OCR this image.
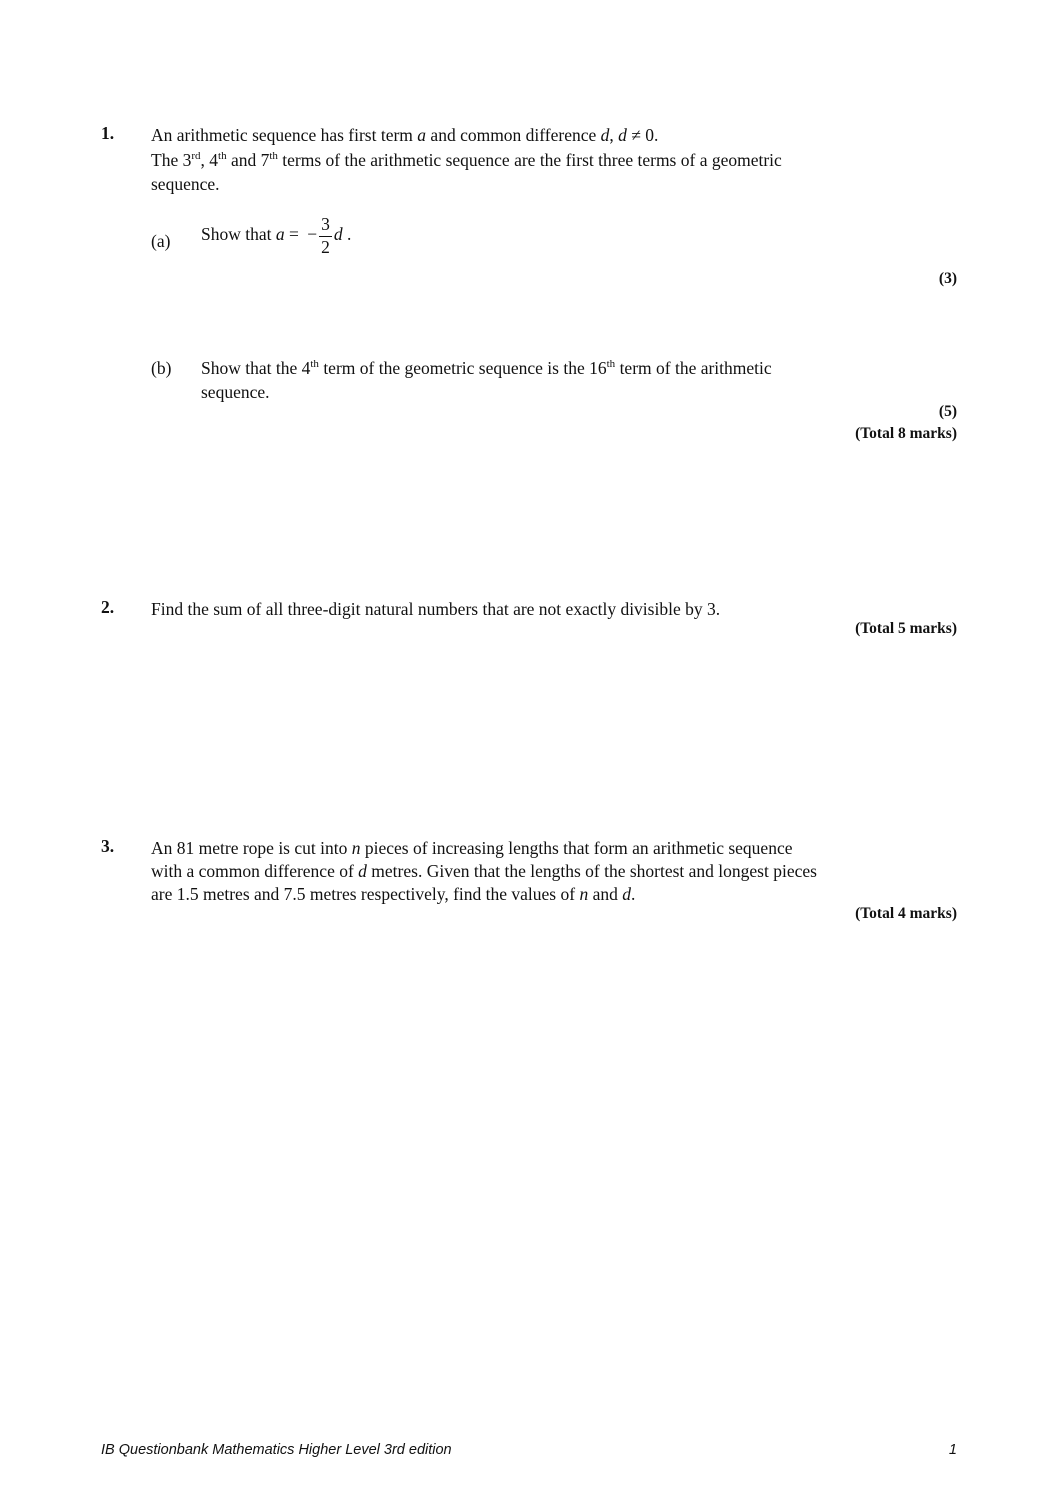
1. An arithmetic sequence has first term a and common difference d, d ≠ 0.
The 3rd, 4th and 7th terms of the arithmetic sequence are the first three terms of a geometric
sequence.
(a) Show that a = − $\frac{3}{2}$ d .
(3)
(b) Show that the 4th term of the geometric sequence is the 16th term of the arithmetic
sequence.
(5)
(Total 8 marks)
2. Find the sum of all three-digit natural numbers that are not exactly divisible by 3.
(Total 5 marks)
3. An 81 metre rope is cut into n pieces of increasing lengths that form an arithmetic sequence
with a common difference of d metres. Given that the lengths of the shortest and longest pieces
are 1.5 metres and 7.5 metres respectively, find the values of n and d.
(Total 4 marks)
IB Questionbank Mathematics Higher Level 3rd edition	1
